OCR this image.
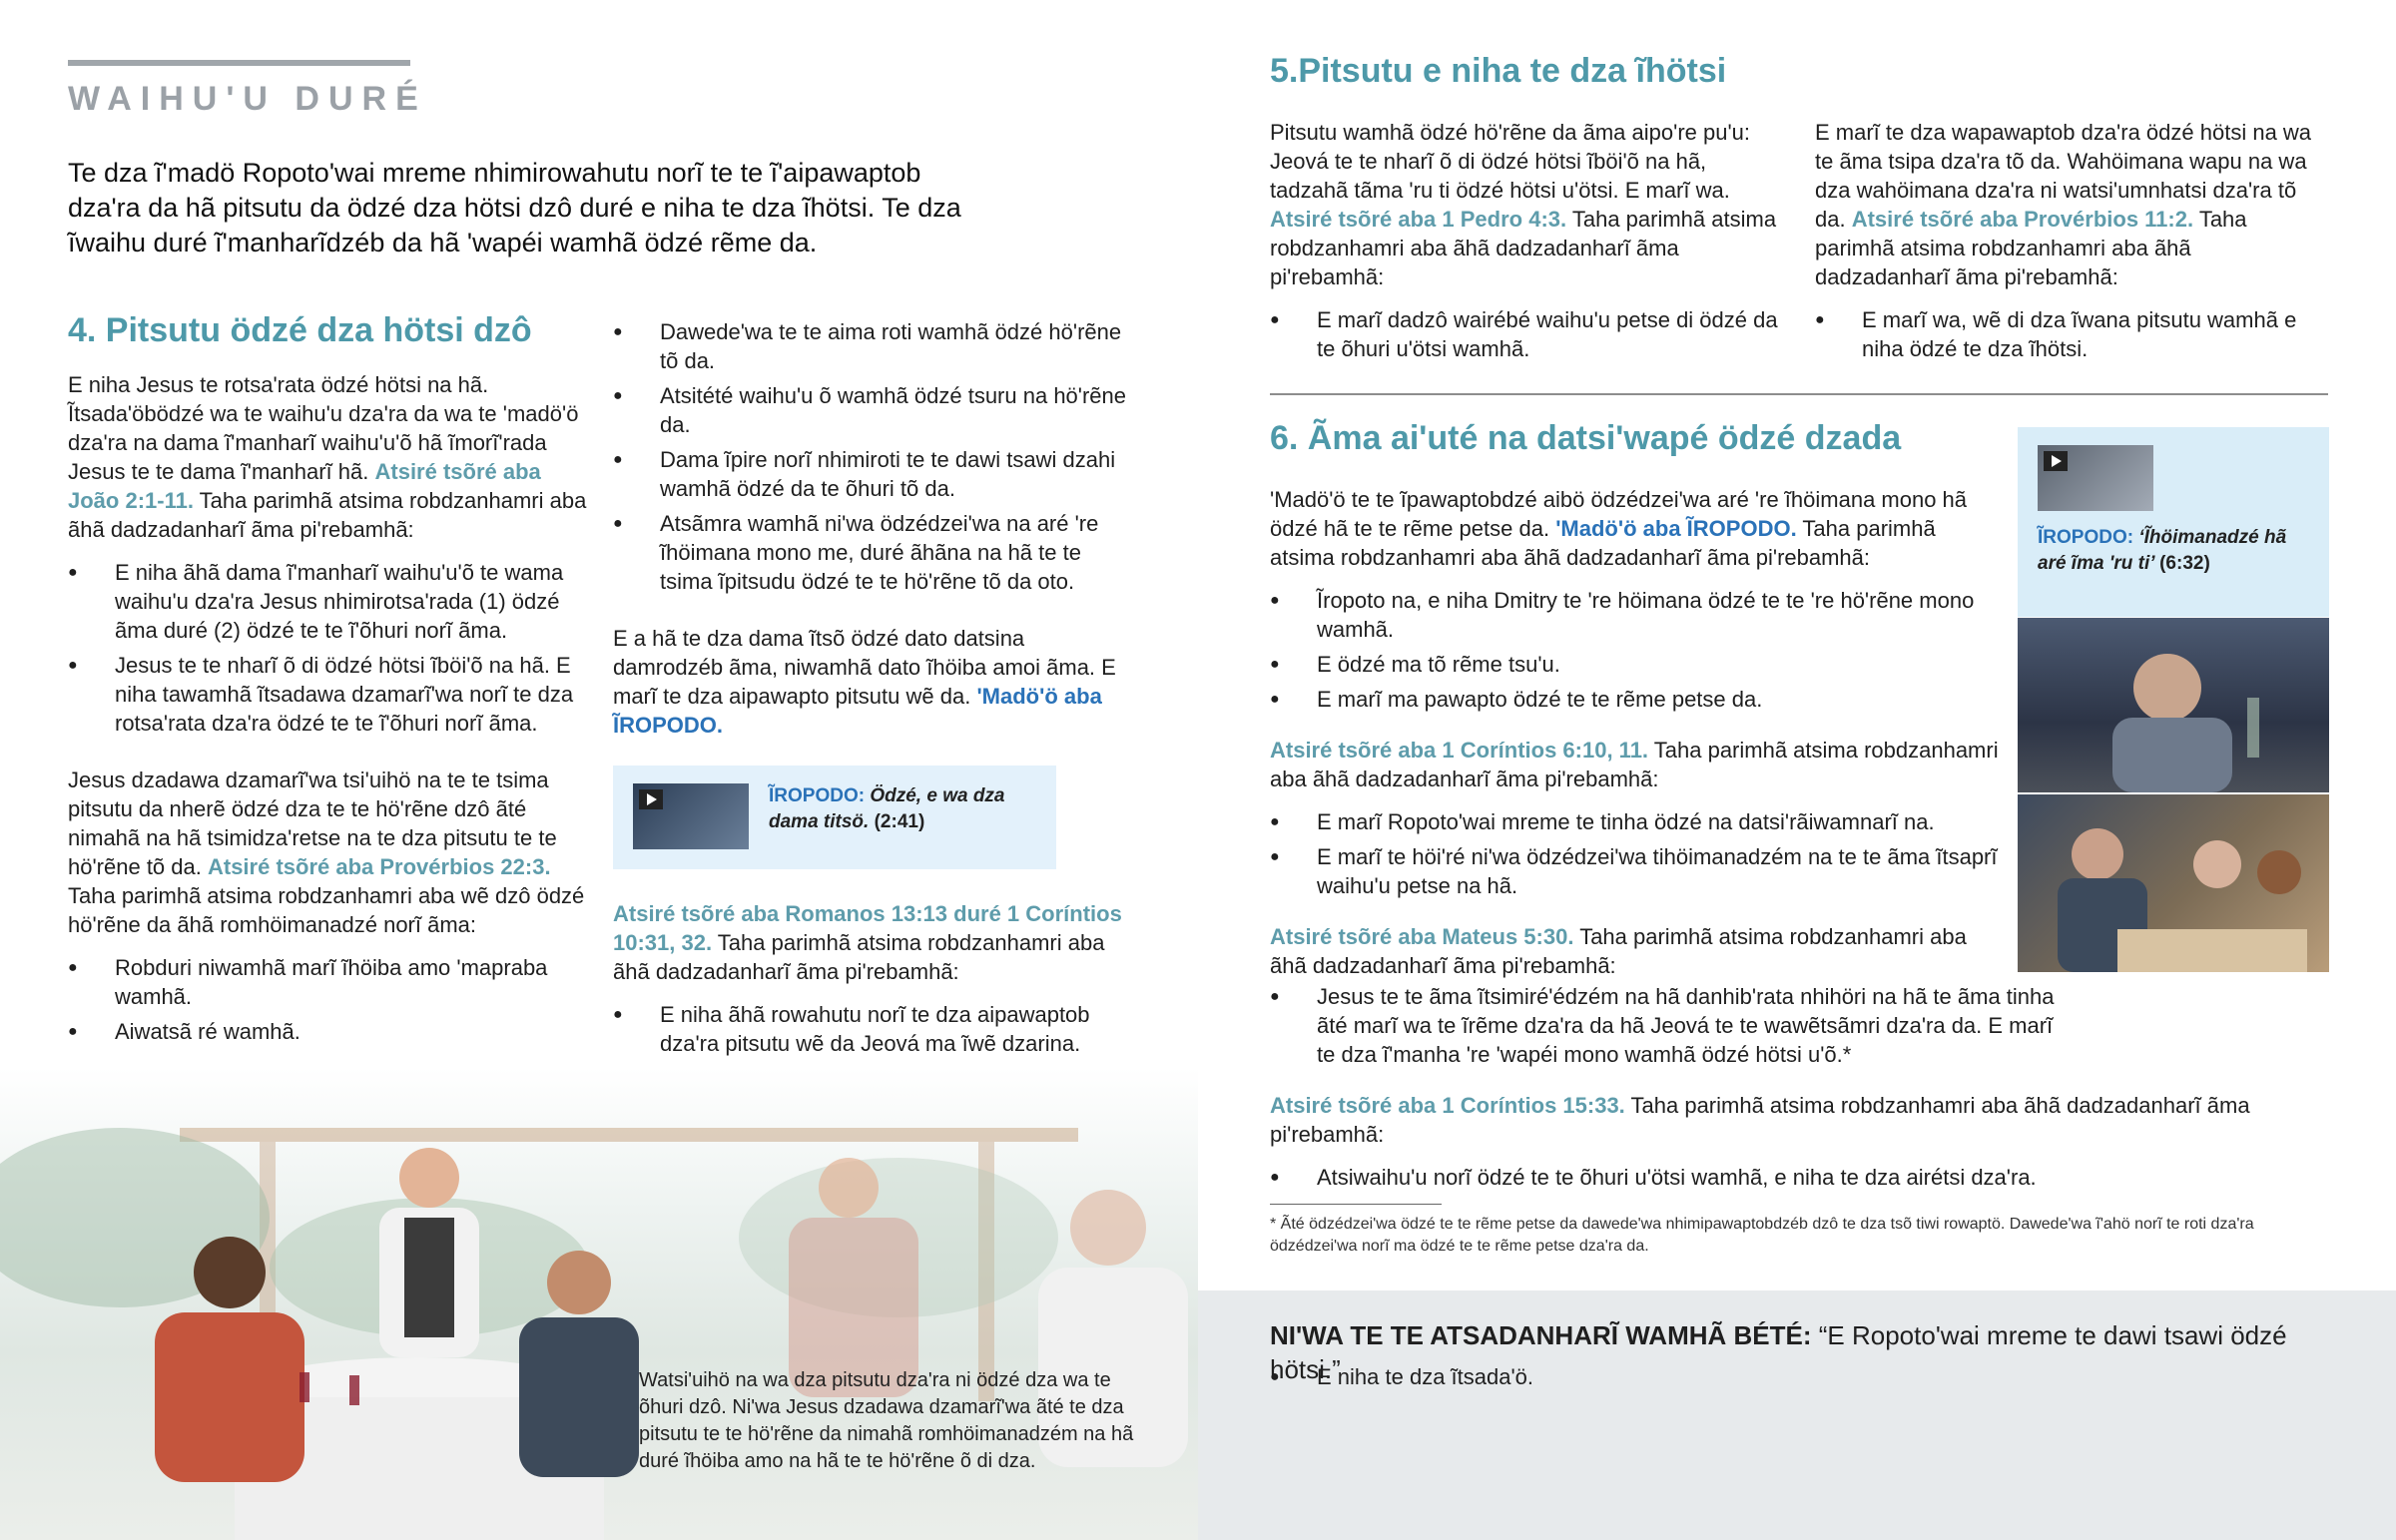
WAIHU'U DURÉ

Te dza ĩ'madö Ropoto'wai mreme nhimirowahutu norĩ te te ĩ'aipawaptob dza'ra da hã pitsutu da ödzé dza hötsi dzô duré e niha te dza ĩhötsi. Te dza ĩwaihu duré ĩ'manharĩdzéb da hã 'wapéi wamhã ödzé rẽme da.

4. Pitsutu ödzé dza hötsi dzô

E niha Jesus te rotsa'rata ödzé hötsi na hã. Ĩtsada'öbödzé wa te waihu'u dza'ra da wa te 'madö'ö dza'ra na dama ĩ'manharĩ waihu'u'õ hã ĩmorĩ'rada Jesus te te dama ĩ'manharĩ hã. Atsiré tsõré aba João 2:1-11. Taha parimhã atsima robdzanhamri aba ãhã dadzadanharĩ ãma pi'rebamhã:

● E niha ãhã dama ĩ'manharĩ waihu'u'õ te wama waihu'u dza'ra Jesus nhimirotsa'rada (1) ödzé ãma duré (2) ödzé te te ĩ'õhuri norĩ ãma.
● Jesus te te nharĩ õ di ödzé hötsi ĩböi'õ na hã. E niha tawamhã ĩtsadawa dzamarĩ'wa norĩ te dza rotsa'rata dza'ra ödzé te te ĩ'õhuri norĩ ãma.

Jesus dzadawa dzamarĩ'wa tsi'uihö na te te tsima pitsutu da nherẽ ödzé dza te te hö'rẽne dzô ãté nimahã na hã tsimidza'retse na te dza pitsutu te te hö'rẽne tõ da. Atsiré tsõré aba Provérbios 22:3. Taha parimhã atsima robdzanhamri aba wẽ dzô ödzé hö'rẽne da ãhã romhöimanadzé norĩ ãma:

● Robduri niwamhã marĩ ĩhöiba amo 'mapraba wamhã.
● Aiwatsã ré wamhã.
● Dawede'wa te te aima roti wamhã ödzé hö'rẽne tõ da.
● Atsitété waihu'u õ wamhã ödzé tsuru na hö'rẽne da.
● Dama ĩpire norĩ nhimiroti te te dawi tsawi dzahi wamhã ödzé da te õhuri tõ da.
● Atsãmra wamhã ni'wa ödzédzei'wa na aré 're ĩhöimana mono me, duré ãhãna na hã te te tsima ĩpitsudu ödzé te te hö'rẽne tõ da oto.

E a hã te dza dama ĩtsõ ödzé dato datsina damrodzéb ãma, niwamhã dato ĩhöiba amoi ãma. E marĩ te dza aipawapto pitsutu wẽ da. 'Madö'ö aba ĨROPODO.

ĨROPODO: Ödzé, e wa dza dama titsö. (2:41)

Atsiré tsõré aba Romanos 13:13 duré 1 Coríntios 10:31, 32. Taha parimhã atsima robdzanhamri aba ãhã dadzadanharĩ ãma pi'rebamhã:

● E niha ãhã rowahutu norĩ te dza aipawaptob dza'ra pitsutu wẽ da Jeová ma ĩwẽ dzarina.

Watsi'uihö na wa dza pitsutu dza'ra ni ödzé dza wa te õhuri dzô. Ni'wa Jesus dzadawa dzamarĩ'wa ãté te dza pitsutu te te hö'rẽne da nimahã romhöimanadzém na hã duré ĩhöiba amo na hã te te hö'rẽne õ di dza.

5.Pitsutu e niha te dza ĩhötsi

Pitsutu wamhã ödzé hö'rẽne da ãma aipo're pu'u: Jeová te te nharĩ õ di ödzé hötsi ĩböi'õ na hã, tadzahã tãma 'ru ti ödzé hötsi u'ötsi. E marĩ wa. Atsiré tsõré aba 1 Pedro 4:3. Taha parimhã atsima robdzanhamri aba ãhã dadzadanharĩ ãma pi'rebamhã:

● E marĩ dadzô wairébé waihu'u petse di ödzé da te õhuri u'ötsi wamhã.

E marĩ te dza wapawaptob dza'ra ödzé hötsi na wa te ãma tsipa dza'ra tõ da. Wahöimana wapu na wa dza wahöimana dza'ra ni watsi'umnhatsi dza'ra tõ da. Atsiré tsõré aba Provérbios 11:2. Taha parimhã atsima robdzanhamri aba ãhã dadzadanharĩ ãma pi'rebamhã:

● E marĩ wa, wẽ di dza ĩwana pitsutu wamhã e niha ödzé te dza ĩhötsi.
6. Ãma ai'uté na datsi'wapé ödzé dzada

'Madö'ö te te ĩpawaptobdzé aibö ödzédzei'wa aré 're ĩhöimana mono hã ödzé hã te te rẽme petse da. 'Madö'ö aba ĨROPODO. Taha parimhã atsima robdzanhamri aba ãhã dadzadanharĩ ãma pi'rebamhã:

● Ĩropoto na, e niha Dmitry te 're höimana ödzé te te 're hö'rẽne mono wamhã.
● E ödzé ma tõ rẽme tsu'u.
● E marĩ ma pawapto ödzé te te rẽme petse da.

Atsiré tsõré aba 1 Coríntios 6:10, 11. Taha parimhã atsima robdzanhamri aba ãhã dadzadanharĩ ãma pi'rebamhã:

● E marĩ Ropoto'wai mreme te tinha ödzé na datsi'rãiwamnarĩ na.
● E marĩ te höi'ré ni'wa ödzédzei'wa tihöimanadzém na te te ãma ĩtsaprĩ waihu'u petse na hã.

Atsiré tsõré aba Mateus 5:30. Taha parimhã atsima robdzanhamri aba ãhã dadzadanharĩ ãma pi'rebamhã:

● Jesus te te ãma ĩtsimiré'édzém na hã danhib'rata nhihöri na hã te ãma tinha ãté marĩ wa te ĩrẽme dza'ra da hã Jeová te te wawẽtsãmri dza'ra da. E marĩ te dza ĩ'manha 're 'wapéi mono wamhã ödzé hötsi u'õ.*

Atsiré tsõré aba 1 Coríntios 15:33. Taha parimhã atsima robdzanhamri aba ãhã dadzadanharĩ ãma pi'rebamhã:

● Atsiwaihu'u norĩ ödzé te te õhuri u'ötsi wamhã, e niha te dza airétsi dza'ra.
ĨROPODO: ‘Ĩhöimanadzé hã aré ĩma 'ru ti’ (6:32)

* Ãté ödzédzei'wa ödzé te te rẽme petse da dawede'wa nhimipawaptobdzéb dzô te dza tsõ tiwi rowaptö. Dawede'wa ĩ'ahö norĩ te roti dza'ra ödzédzei'wa norĩ ma ödzé te te rẽme petse dza'ra da.

NI'WA TE TE ATSADANHARĨ WAMHÃ BÉTÉ: “E Ropoto'wai mreme te dawi tsawi ödzé hötsi.”

● E niha te dza ĩtsada'ö.
